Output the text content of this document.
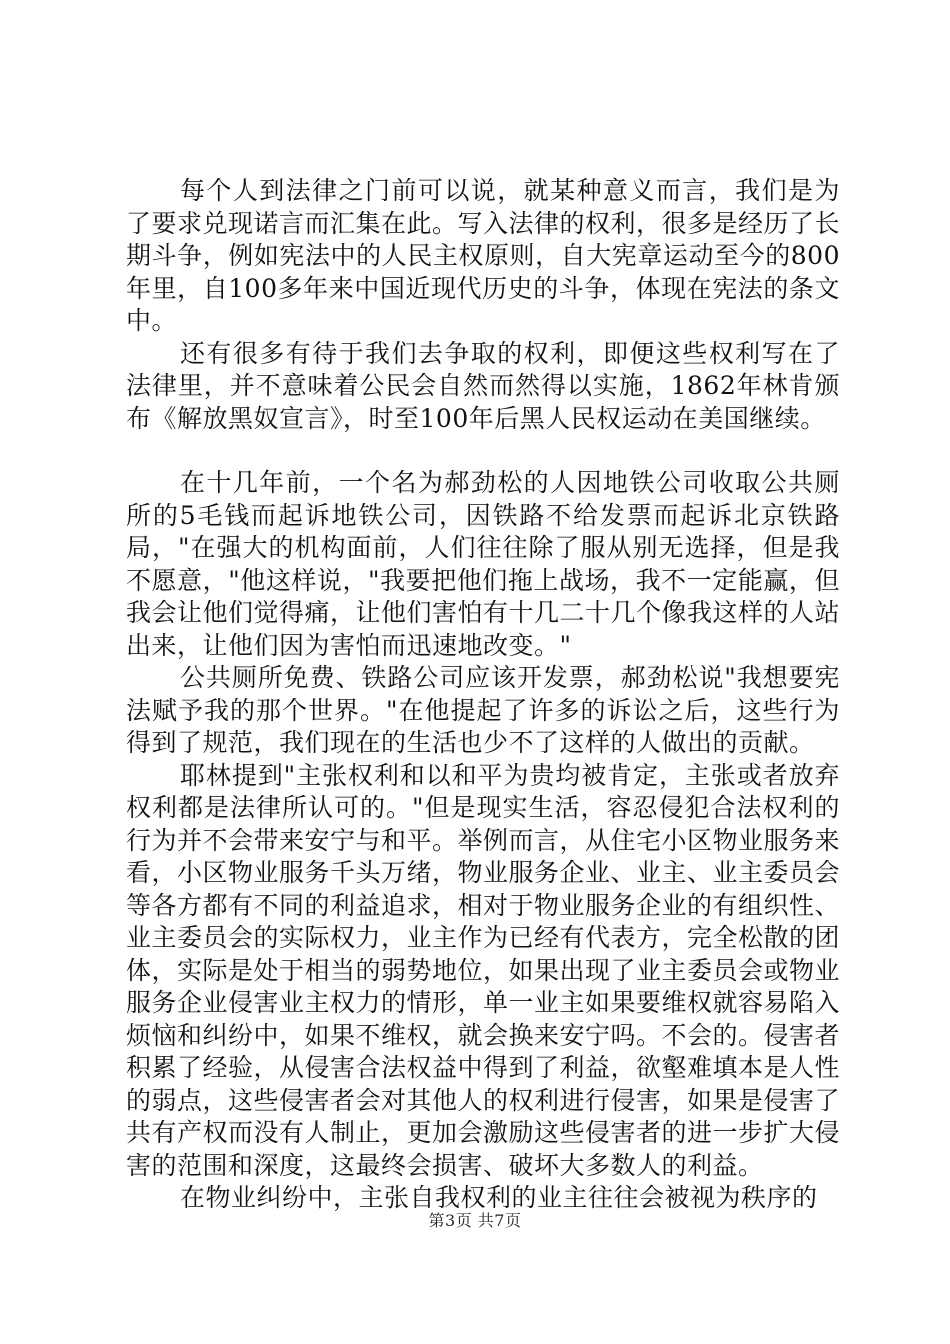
每个人到法律之门前可以说，就某种意义而言，我们是为了要求兑现诺言而汇集在此。写入法律的权利，很多是经历了长期斗争，例如宪法中的人民主权原则，自大宪章运动至今的800年里，自100多年来中国近现代历史的斗争，体现在宪法的条文中。

还有很多有待于我们去争取的权利，即便这些权利写在了法律里，并不意味着公民会自然而然得以实施，1862年林肯颁布《解放黑奴宣言》，时至100年后黑人民权运动在美国继续。

在十几年前，一个名为郝劲松的人因地铁公司收取公共厕所的5毛钱而起诉地铁公司，因铁路不给发票而起诉北京铁路局，"在强大的机构面前，人们往往除了服从别无选择，但是我不愿意，"他这样说，"我要把他们拖上战场，我不一定能赢，但我会让他们觉得痛，让他们害怕有十几二十几个像我这样的人站出来，让他们因为害怕而迅速地改变。"

公共厕所免费、铁路公司应该开发票，郝劲松说"我想要宪法赋予我的那个世界。"在他提起了许多的诉讼之后，这些行为得到了规范，我们现在的生活也少不了这样的人做出的贡献。

耶林提到"主张权利和以和平为贵均被肯定，主张或者放弃权利都是法律所认可的。"但是现实生活，容忍侵犯合法权利的行为并不会带来安宁与和平。举例而言，从住宅小区物业服务来看，小区物业服务千头万绪，物业服务企业、业主、业主委员会等各方都有不同的利益追求，相对于物业服务企业的有组织性、业主委员会的实际权力，业主作为已经有代表方，完全松散的团体，实际是处于相当的弱势地位，如果出现了业主委员会或物业服务企业侵害业主权力的情形，单一业主如果要维权就容易陷入烦恼和纠纷中，如果不维权，就会换来安宁吗。不会的。侵害者积累了经验，从侵害合法权益中得到了利益，欲壑难填本是人性的弱点，这些侵害者会对其他人的权利进行侵害，如果是侵害了共有产权而没有人制止，更加会激励这些侵害者的进一步扩大侵害的范围和深度，这最终会损害、破坏大多数人的利益。

在物业纠纷中，主张自我权利的业主往往会被视为秩序的

第3页 共7页
